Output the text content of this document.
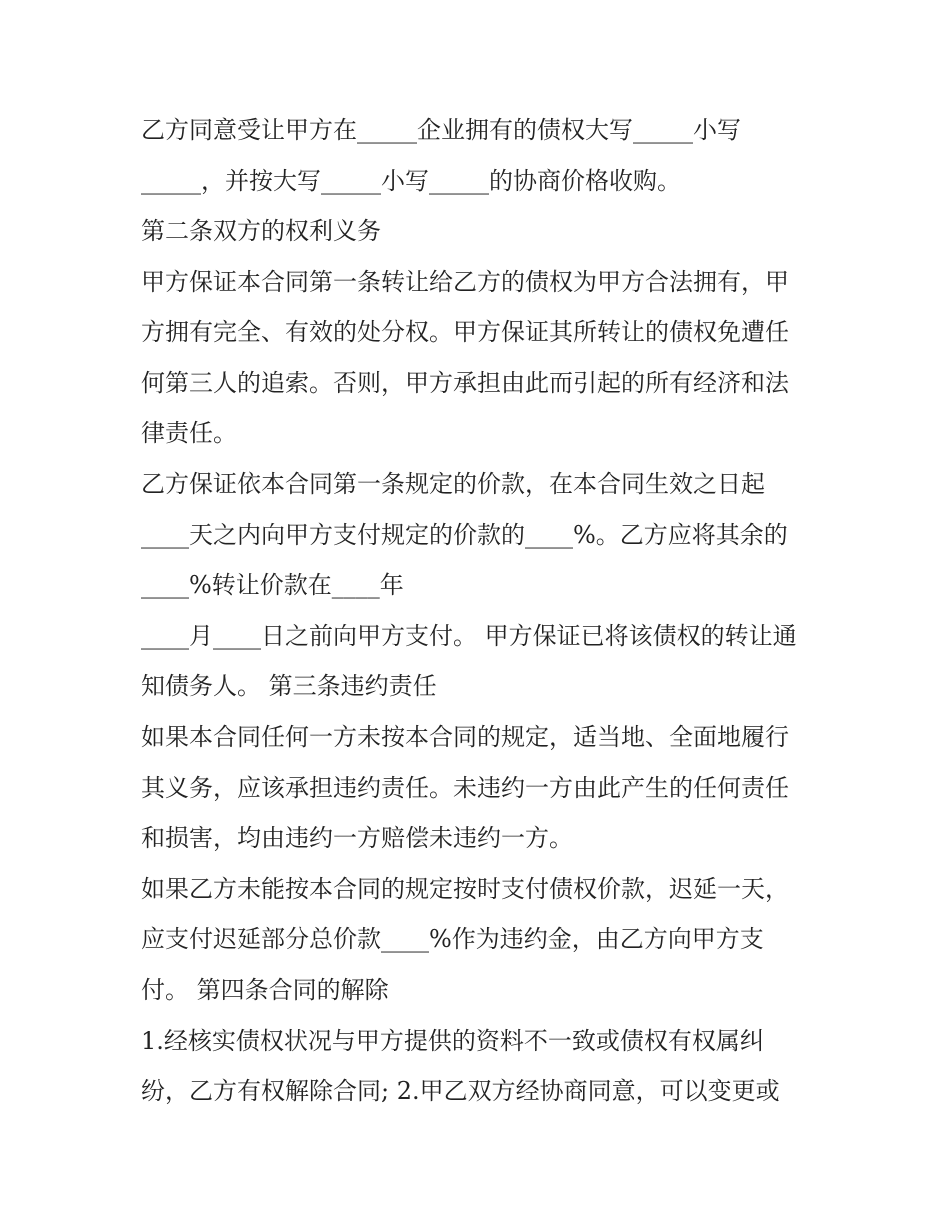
乙方同意受让甲方在_____企业拥有的债权大写_____小写
_____，并按大写_____小写_____的协商价格收购。
第二条双方的权利义务
甲方保证本合同第一条转让给乙方的债权为甲方合法拥有，甲
方拥有完全、有效的处分权。甲方保证其所转让的债权免遭任
何第三人的追索。否则，甲方承担由此而引起的所有经济和法
律责任。
乙方保证依本合同第一条规定的价款，在本合同生效之日起
____天之内向甲方支付规定的价款的____%。乙方应将其余的
____%转让价款在____年
____月____日之前向甲方支付。 甲方保证已将该债权的转让通
知债务人。 第三条违约责任
如果本合同任何一方未按本合同的规定，适当地、全面地履行
其义务，应该承担违约责任。未违约一方由此产生的任何责任
和损害，均由违约一方赔偿未违约一方。
如果乙方未能按本合同的规定按时支付债权价款，迟延一天，
应支付迟延部分总价款____%作为违约金，由乙方向甲方支
付。 第四条合同的解除
1.经核实债权状况与甲方提供的资料不一致或债权有权属纠
纷，乙方有权解除合同; 2.甲乙双方经协商同意，可以变更或
